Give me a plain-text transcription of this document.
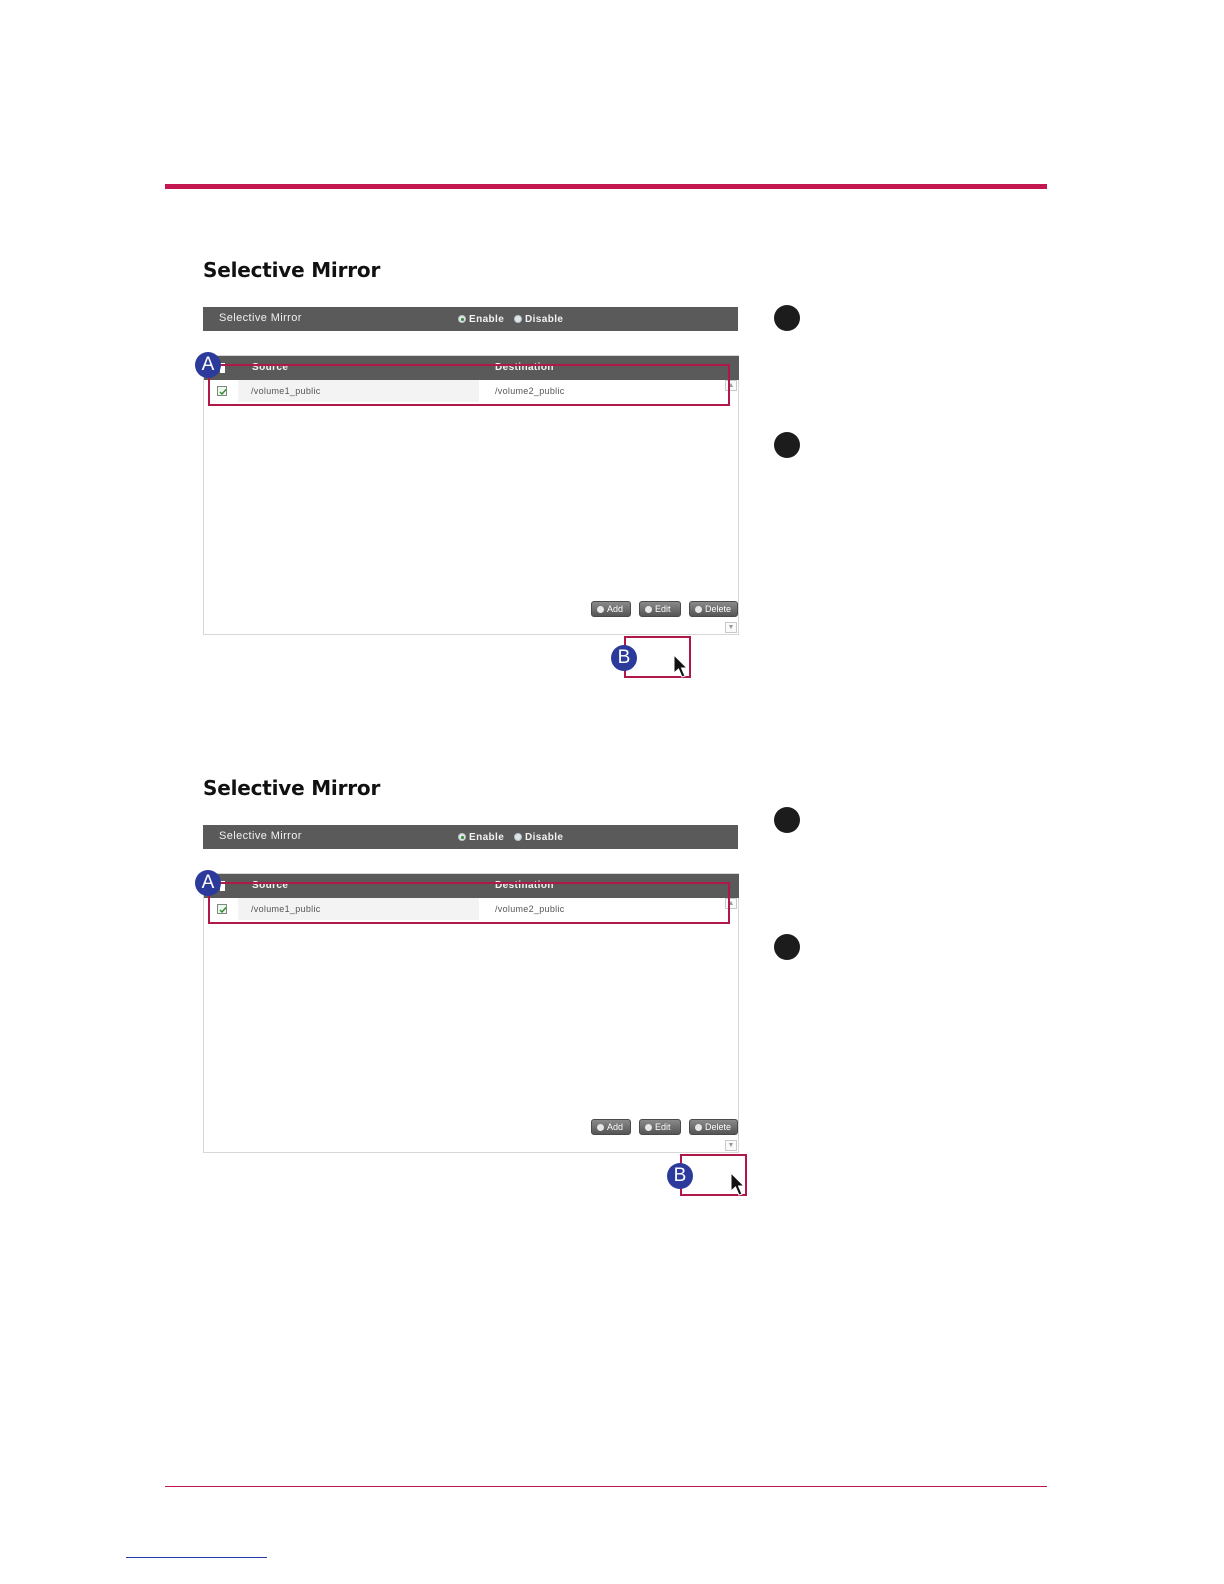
Selective Mirror
Selective Mirror	Enable Disable
Source	Destination
/volume1_public	/volume2_public
▲
▼
Add	Edit	Delete
A
B
Selective Mirror
Selective Mirror	Enable Disable
Source	Destination
/volume1_public	/volume2_public
▲
▼
Add	Edit	Delete
A
B
